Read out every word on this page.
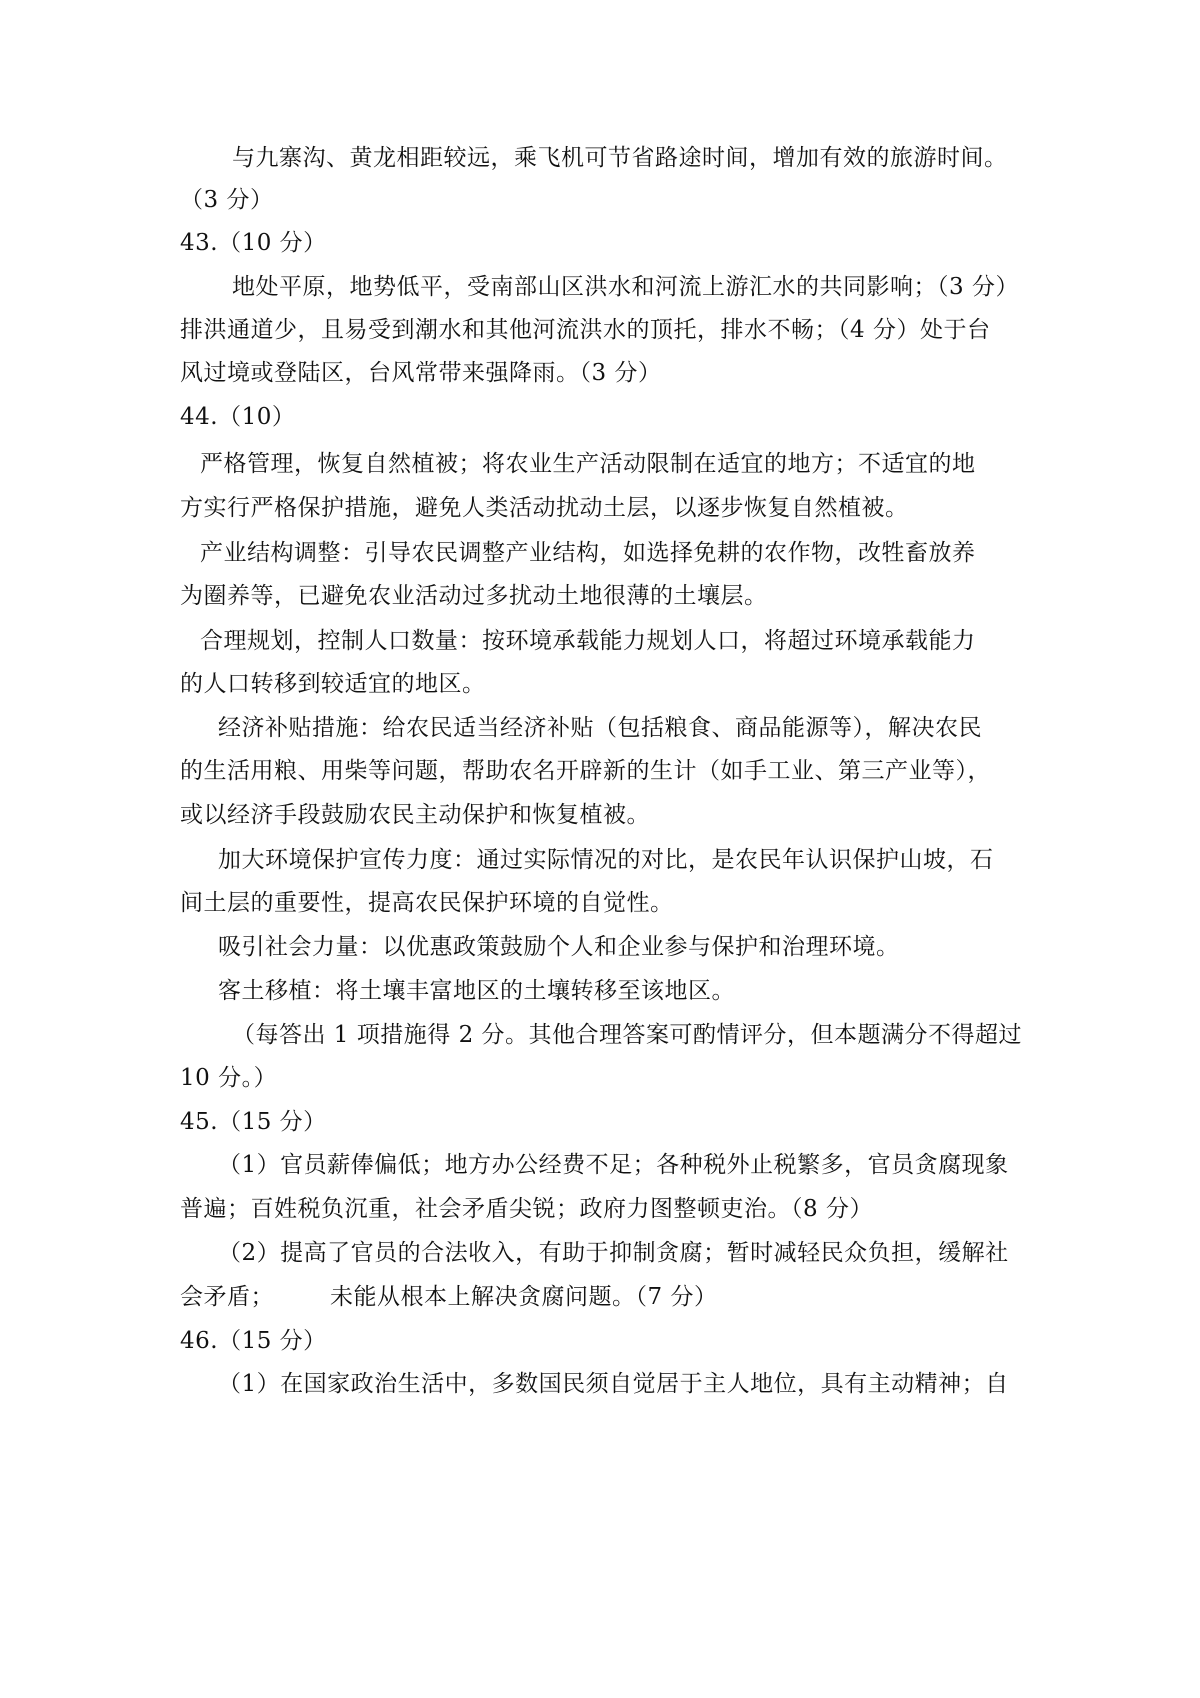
与九寨沟、黄龙相距较远，乘飞机可节省路途时间，增加有效的旅游时间。
（3 分）
43.（10 分）
地处平原，地势低平，受南部山区洪水和河流上游汇水的共同影响；（3 分）
排洪通道少，且易受到潮水和其他河流洪水的顶托，排水不畅；（4 分）处于台
风过境或登陆区，台风常带来强降雨。（3 分）
44.（10）
严格管理，恢复自然植被；将农业生产活动限制在适宜的地方；不适宜的地
方实行严格保护措施，避免人类活动扰动土层，以逐步恢复自然植被。
产业结构调整：引导农民调整产业结构，如选择免耕的农作物，改牲畜放养
为圈养等，已避免农业活动过多扰动土地很薄的土壤层。
合理规划，控制人口数量：按环境承载能力规划人口，将超过环境承载能力
的人口转移到较适宜的地区。
经济补贴措施：给农民适当经济补贴（包括粮食、商品能源等），解决农民
的生活用粮、用柴等问题，帮助农名开辟新的生计（如手工业、第三产业等），
或以经济手段鼓励农民主动保护和恢复植被。
加大环境保护宣传力度：通过实际情况的对比，是农民年认识保护山坡，石
间土层的重要性，提高农民保护环境的自觉性。
吸引社会力量：以优惠政策鼓励个人和企业参与保护和治理环境。
客土移植：将土壤丰富地区的土壤转移至该地区。
（每答出 1 项措施得 2 分。其他合理答案可酌情评分，但本题满分不得超过
10 分。）
45.（15 分）
（1）官员薪俸偏低；地方办公经费不足；各种税外止税繁多，官员贪腐现象
普遍；百姓税负沉重，社会矛盾尖锐；政府力图整顿吏治。（8 分）
（2）提高了官员的合法收入，有助于抑制贪腐；暂时减轻民众负担，缓解社
会矛盾； 未能从根本上解决贪腐问题。（7 分）
46.（15 分）
（1）在国家政治生活中，多数国民须自觉居于主人地位，具有主动精神；自
